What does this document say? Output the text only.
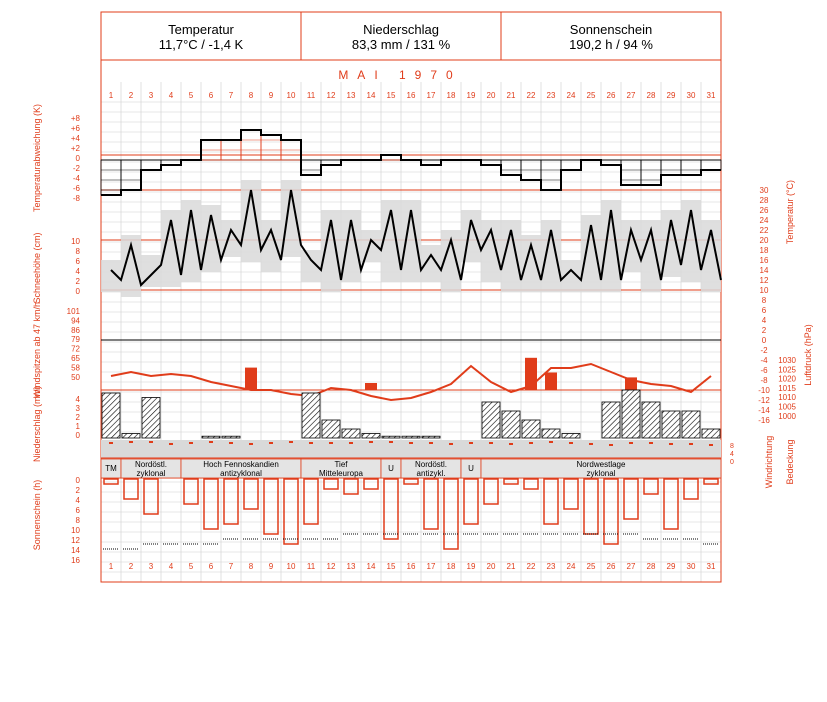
Temperatur
11,7°C / -1,4 K
Niederschlag
83,3 mm / 131 %
Sonnenschein
190,2 h / 94 %
MAI 1970
1
1
2
2
3
3
4
4
5
5
6
6
7
7
8
8
9
9
10
10
11
11
12
12
13
13
14
14
15
15
16
16
17
17
18
18
19
19
20
20
21
21
22
22
23
23
24
24
25
25
26
26
27
27
28
28
29
29
30
30
31
31
+8
+6
+4
+2
0
-2
-4
-6
-8
10
8
6
4
2
0
101
94
86
79
72
65
58
50
30
28
26
24
22
20
18
16
14
12
10
8
6
4
2
0
-2
-4
-6
-8
-10
-12
-14
-16
1030
1025
1020
1015
1010
1005
1000
4
3
2
1
0
8
4
0
TM Nordöstl.
zyklonal
Hoch Fennoskandien
antizyklonal
Tief
Mitteleuropa
U	Nordöstl.
antizykl.
U	Nordwestlage
zyklonal
0
2
4
6
8
10
12
14
16
Temperaturabweichung (K)
Schneehöhe (cm)
Windspitzen ab 47 km/h
Niederschlag (mm)
Sonnenschein (h)
Temperatur (°C)
Luftdruck (hPa)
Windrichtung Bedeckung
